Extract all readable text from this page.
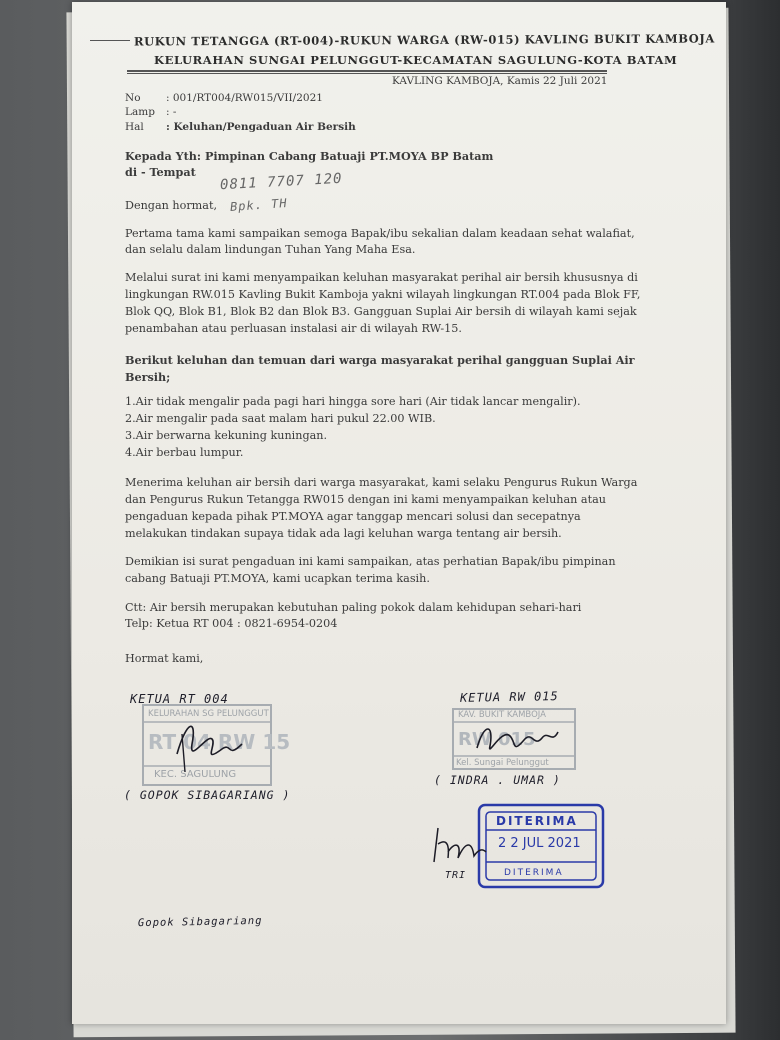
RUKUN TETANGGA (RT-004)-RUKUN WARGA (RW-015) KAVLING BUKIT KAMBOJA
KELURAHAN SUNGAI PELUNGGUT-KECAMATAN SAGULUNG-KOTA BATAM
KAVLING KAMBOJA, Kamis 22 Juli 2021
No : 001/RT004/RW015/VII/2021
Lamp : -
Hal : Keluhan/Pengaduan Air Bersih
Kepada Yth: Pimpinan Cabang Batuaji PT.MOYA BP Batam
di - Tempat 0811 7707 120
Dengan hormat, Bpk. TH
Pertama tama kami sampaikan semoga Bapak/ibu sekalian dalam keadaan sehat walafiat,
dan selalu dalam lindungan Tuhan Yang Maha Esa.
Melalui surat ini kami menyampaikan keluhan masyarakat perihal air bersih khususnya di
lingkungan RW.015 Kavling Bukit Kamboja yakni wilayah lingkungan RT.004 pada Blok FF,
Blok QQ, Blok B1, Blok B2 dan Blok B3. Gangguan Suplai Air bersih di wilayah kami sejak
penambahan atau perluasan instalasi air di wilayah RW-15.
Berikut keluhan dan temuan dari warga masyarakat perihal gangguan Suplai Air
Bersih;
1.Air tidak mengalir pada pagi hari hingga sore hari (Air tidak lancar mengalir).
2.Air mengalir pada saat malam hari pukul 22.00 WIB.
3.Air berwarna kekuning kuningan.
4.Air berbau lumpur.
Menerima keluhan air bersih dari warga masyarakat, kami selaku Pengurus Rukun Warga
dan Pengurus Rukun Tetangga RW015 dengan ini kami menyampaikan keluhan atau
pengaduan kepada pihak PT.MOYA agar tanggap mencari solusi dan secepatnya
melakukan tindakan supaya tidak ada lagi keluhan warga tentang air bersih.
Demikian isi surat pengaduan ini kami sampaikan, atas perhatian Bapak/ibu pimpinan
cabang Batuaji PT.MOYA, kami ucapkan terima kasih.
Ctt: Air bersih merupakan kebutuhan paling pokok dalam kehidupan sehari-hari
Telp: Ketua RT 004 : 0821-6954-0204
Hormat kami,
KETUA RT 004	KETUA RW 015
KELURAHAN SG PELUNGGUT
RT 04 RW 15
KEC. SAGULUNG
( GOPOK SIBAGARIANG )
KAV. BUKIT KAMBOJA
RW 015
Kel. Sungai Pelunggut
( INDRA . UMAR )
DITERIMA
2 2 JUL 2021
DITERIMA
TRI
Gopok Sibagariang
